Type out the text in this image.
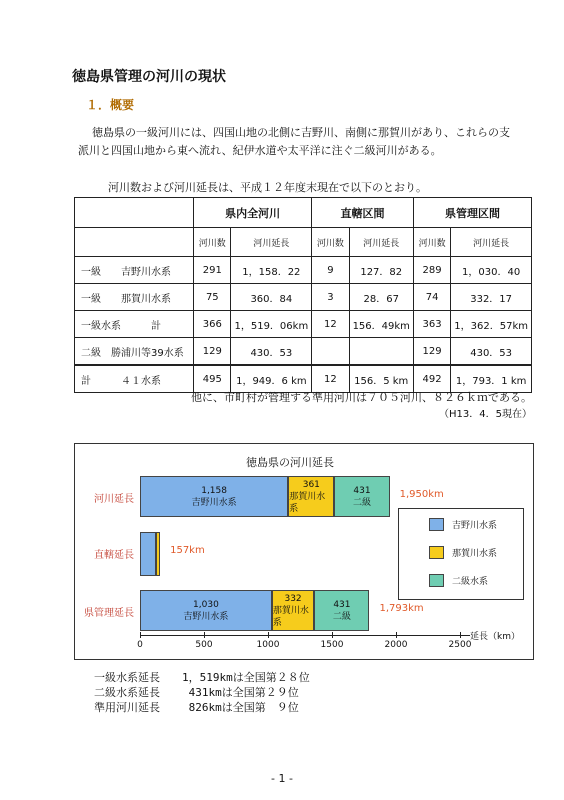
徳島県管理の河川の現状
１．概要
徳島県の一級河川には、四国山地の北側に吉野川、南側に那賀川があり、これらの支派川と四国山地から東へ流れ、紀伊水道や太平洋に注ぐ二級河川がある。
河川数および河川延長は、平成１２年度末現在で以下のとおり。
	県内全河川		直轄区間		県管理区間	
	河川数	河川延長	河川数	河川延長	河川数	河川延長
一級　　吉野川水系	291	1，158．22	9	127．82	289	1，030．40
一級　　那賀川水系	75	360．84	3	28．67	74	332．17
一級水系　　　計	366	1，519．06km	12	156．49km	363	1，362．57km
二級　勝浦川等39水系	129	430．53			129	430．53
計　　　４１水系	495	1，949．6 km	12	156．5 km	492	1，793．1 km
他に、市町村が管理する準用河川は７０５河川、８２６ｋｍである。
（H13．4．5現在）
徳島県の河川延長
河川延長
1,158
吉野川水系
361
那賀川水系
431
二級
1,950km
直轄延長	157km
県管理延長
1,030
吉野川水系
332
那賀川水系
431
二級
1,793km
0	500	1000	1500	2000	2500
延長（km）
吉野川水系
那賀川水系
二級水系
一級水系延長　　1，519kmは全国第２８位
二級水系延長　　 431kmは全国第２９位
準用河川延長　　 826kmは全国第　９位
- 1 -
